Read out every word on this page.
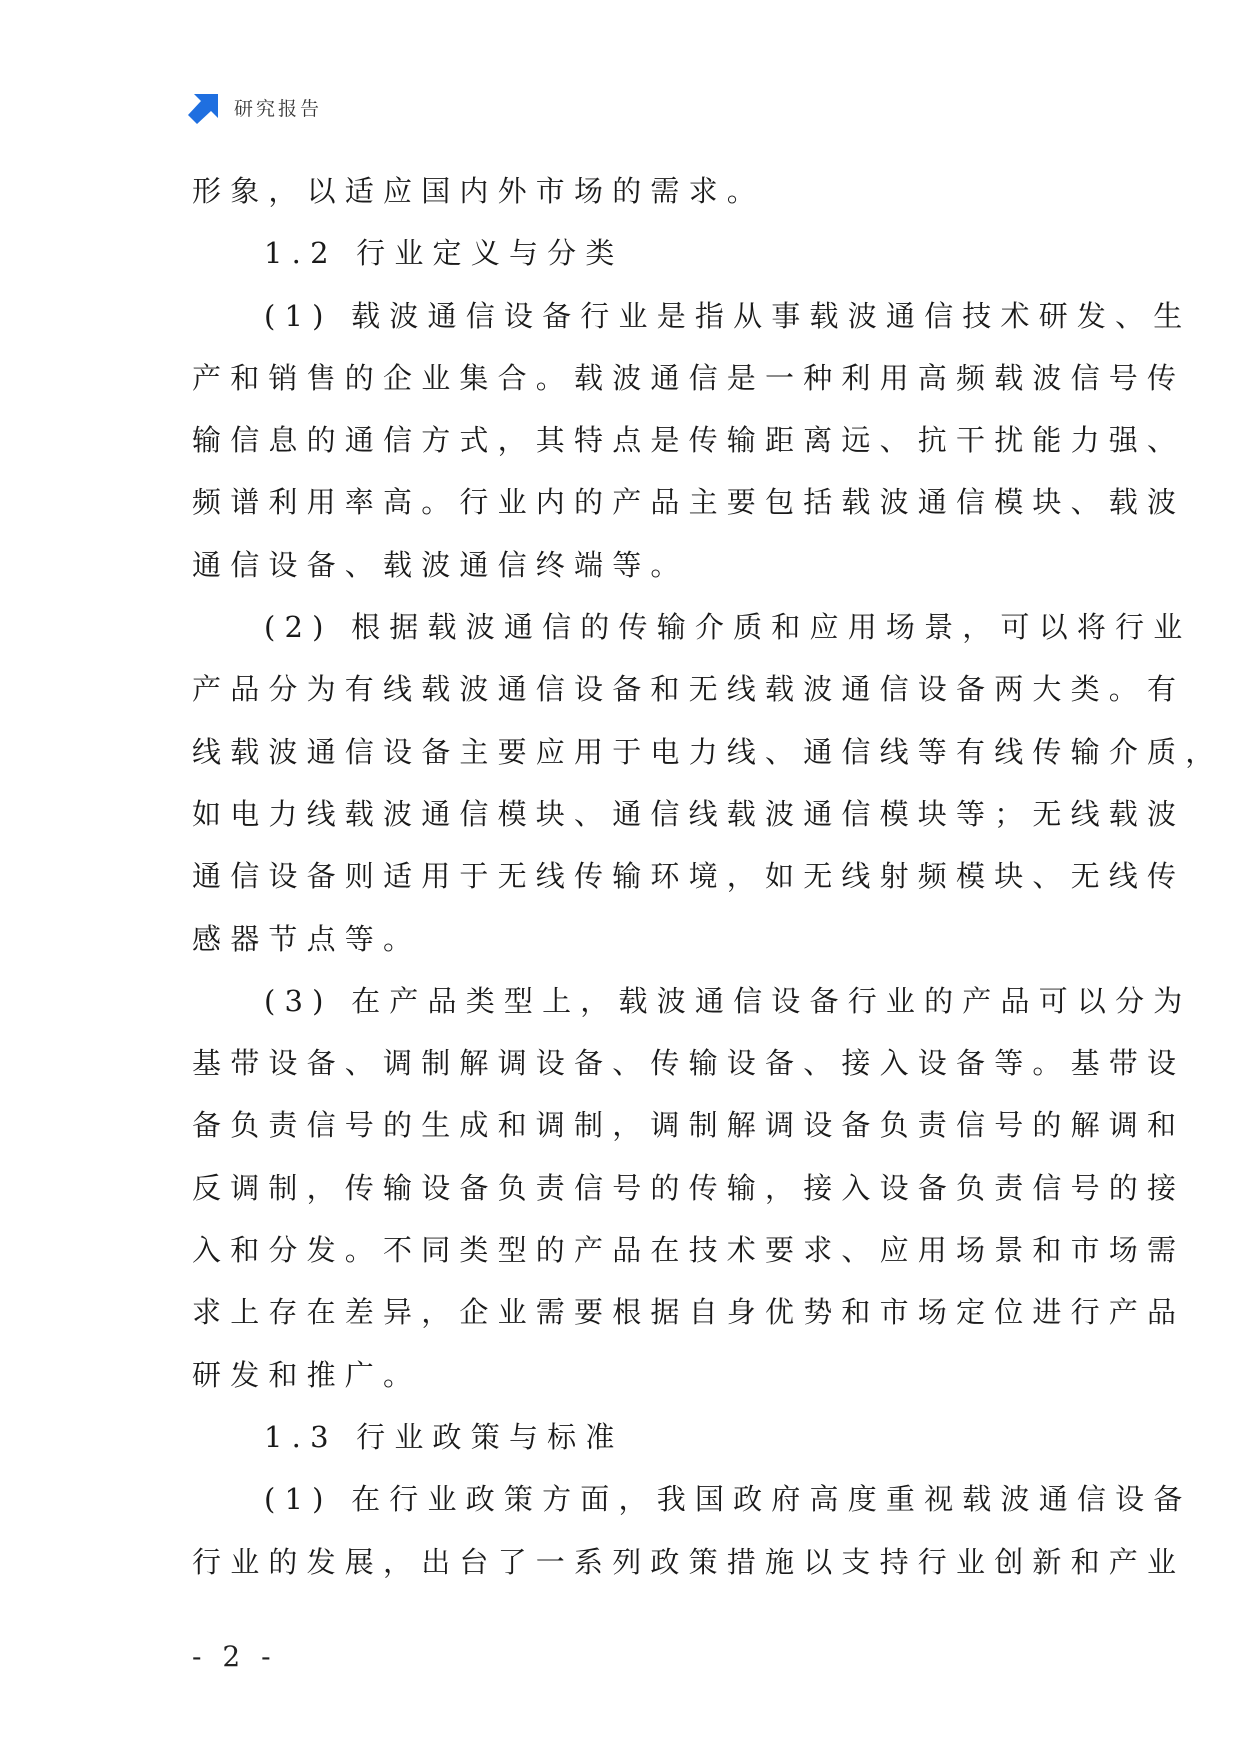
研究报告
形象，以适应国内外市场的需求。
1.2 行业定义与分类
(1) 载波通信设备行业是指从事载波通信技术研发、生
产和销售的企业集合。载波通信是一种利用高频载波信号传
输信息的通信方式，其特点是传输距离远、抗干扰能力强、
频谱利用率高。行业内的产品主要包括载波通信模块、载波
通信设备、载波通信终端等。
(2) 根据载波通信的传输介质和应用场景，可以将行业
产品分为有线载波通信设备和无线载波通信设备两大类。有
线载波通信设备主要应用于电力线、通信线等有线传输介质，
如电力线载波通信模块、通信线载波通信模块等；无线载波
通信设备则适用于无线传输环境，如无线射频模块、无线传
感器节点等。
(3) 在产品类型上，载波通信设备行业的产品可以分为
基带设备、调制解调设备、传输设备、接入设备等。基带设
备负责信号的生成和调制，调制解调设备负责信号的解调和
反调制，传输设备负责信号的传输，接入设备负责信号的接
入和分发。不同类型的产品在技术要求、应用场景和市场需
求上存在差异，企业需要根据自身优势和市场定位进行产品
研发和推广。
1.3 行业政策与标准
(1) 在行业政策方面，我国政府高度重视载波通信设备
行业的发展，出台了一系列政策措施以支持行业创新和产业
- 2 -
